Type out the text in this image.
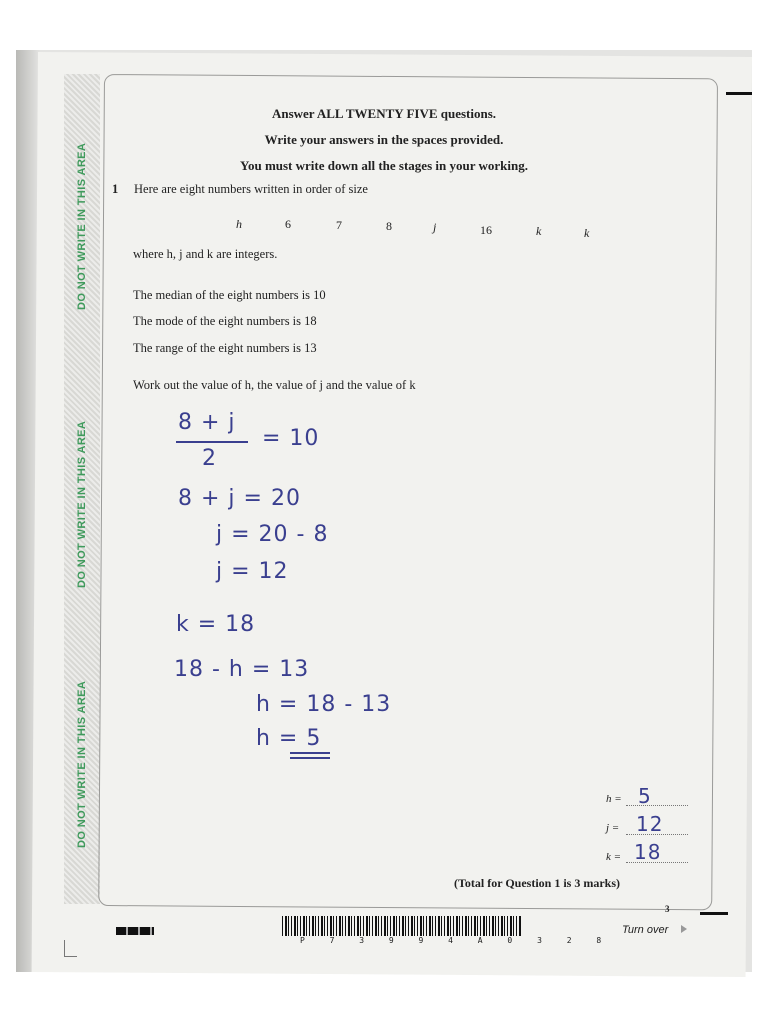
DO NOT WRITE IN THIS AREA
DO NOT WRITE IN THIS AREA
DO NOT WRITE IN THIS AREA
Answer ALL TWENTY FIVE questions.
Write your answers in the spaces provided.
You must write down all the stages in your working.
1 Here are eight numbers written in order of size
h	6	7	8	j	16	k	k
where h, j and k are integers.
The median of the eight numbers is 10
The mode of the eight numbers is 18
The range of the eight numbers is 13
Work out the value of h, the value of j and the value of k
8 + j
= 10
2
8 + j = 20
j = 20 - 8
j = 12
k = 18
18 - h = 13
h = 18 - 13
h = 5
h = 5
j = 12
k = 18
(Total for Question 1 is 3 marks)
3
P 7 3 9 9 4 A 0 3 2 8
Turn over
